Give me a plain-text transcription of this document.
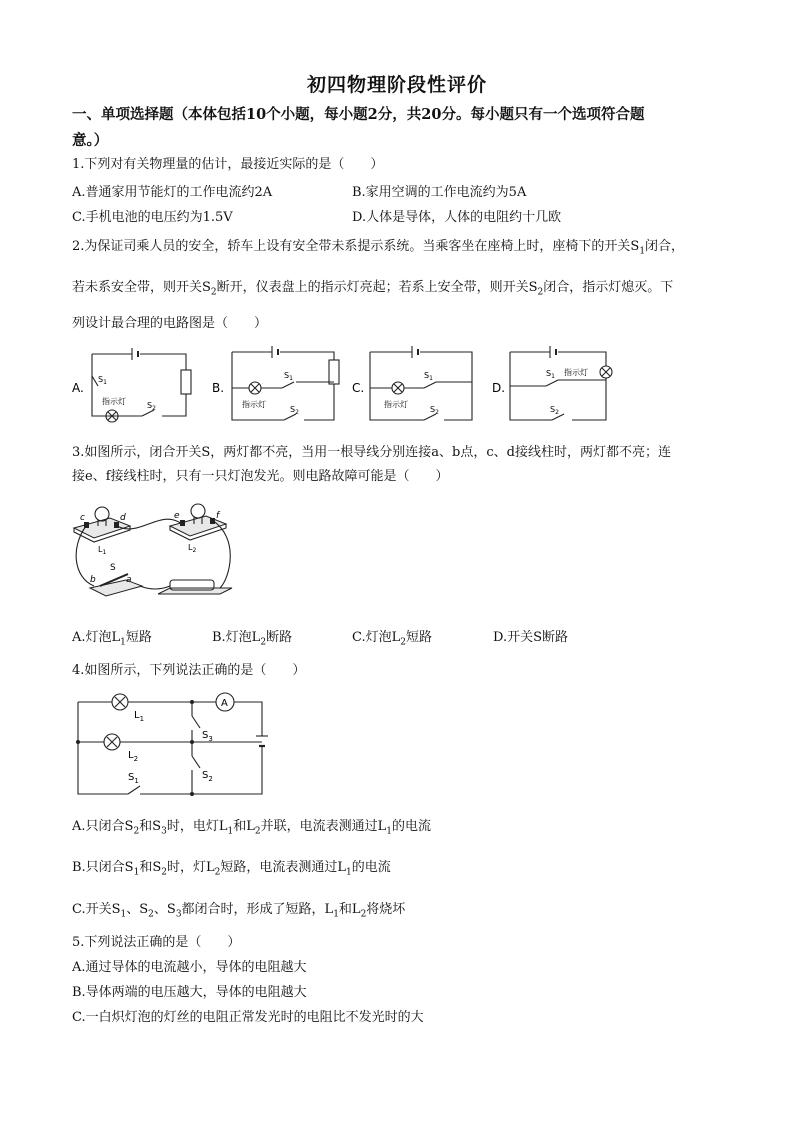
初四物理阶段性评价
一、单项选择题（本体包括10个小题，每小题2分，共20分。每小题只有一个选项符合题
意。）
1.下列对有关物理量的估计，最接近实际的是（　　）
A.普通家用节能灯的工作电流约2A	B.家用空调的工作电流约为5A
C.手机电池的电压约为1.5V	D.人体是导体，人体的电阻约十几欧
2.为保证司乘人员的安全，轿车上设有安全带未系提示系统。当乘客坐在座椅上时，座椅下的开关$S_1$闭合，
若未系安全带，则开关$S_2$断开，仪表盘上的指示灯亮起；若系上安全带，则开关$S_2$闭合，指示灯熄灭。下
列设计最合理的电路图是（　　）
A.
$S_1$
指示灯	$S_2$
B.
指示灯
$S_1$
$S_2$
C.
指示灯
$S_1$
$S_2$
D.
指示灯
$S_1$
$S_2$
3.如图所示，闭合开关S，两灯都不亮，当用一根导线分别连接a、b点，c、d接线柱时，两灯都不亮；连
接e、f接线柱时，只有一只灯泡发光。则电路故障可能是（　　）
c	d
$L_1$
e	f
$L_2$
S
a
b
A.灯泡$L_1$短路	B.灯泡$L_2$断路	C.灯泡$L_2$短路	D.开关S断路
4.如图所示，下列说法正确的是（　　）
$L_1$
$L_2$
A
$S_3$
$S_2$
$S_1$
A.只闭合$S_2$和$S_3$时，电灯$L_1$和$L_2$并联，电流表测通过$L_1$的电流
B.只闭合$S_1$和$S_2$时，灯$L_2$短路，电流表测通过$L_1$的电流
C.开关$S_1$、$S_2$、$S_3$都闭合时，形成了短路，$L_1$和$L_2$将烧坏
5.下列说法正确的是（　　）
A.通过导体的电流越小，导体的电阻越大
B.导体两端的电压越大，导体的电阻越大
C.一白炽灯泡的灯丝的电阻正常发光时的电阻比不发光时的大
